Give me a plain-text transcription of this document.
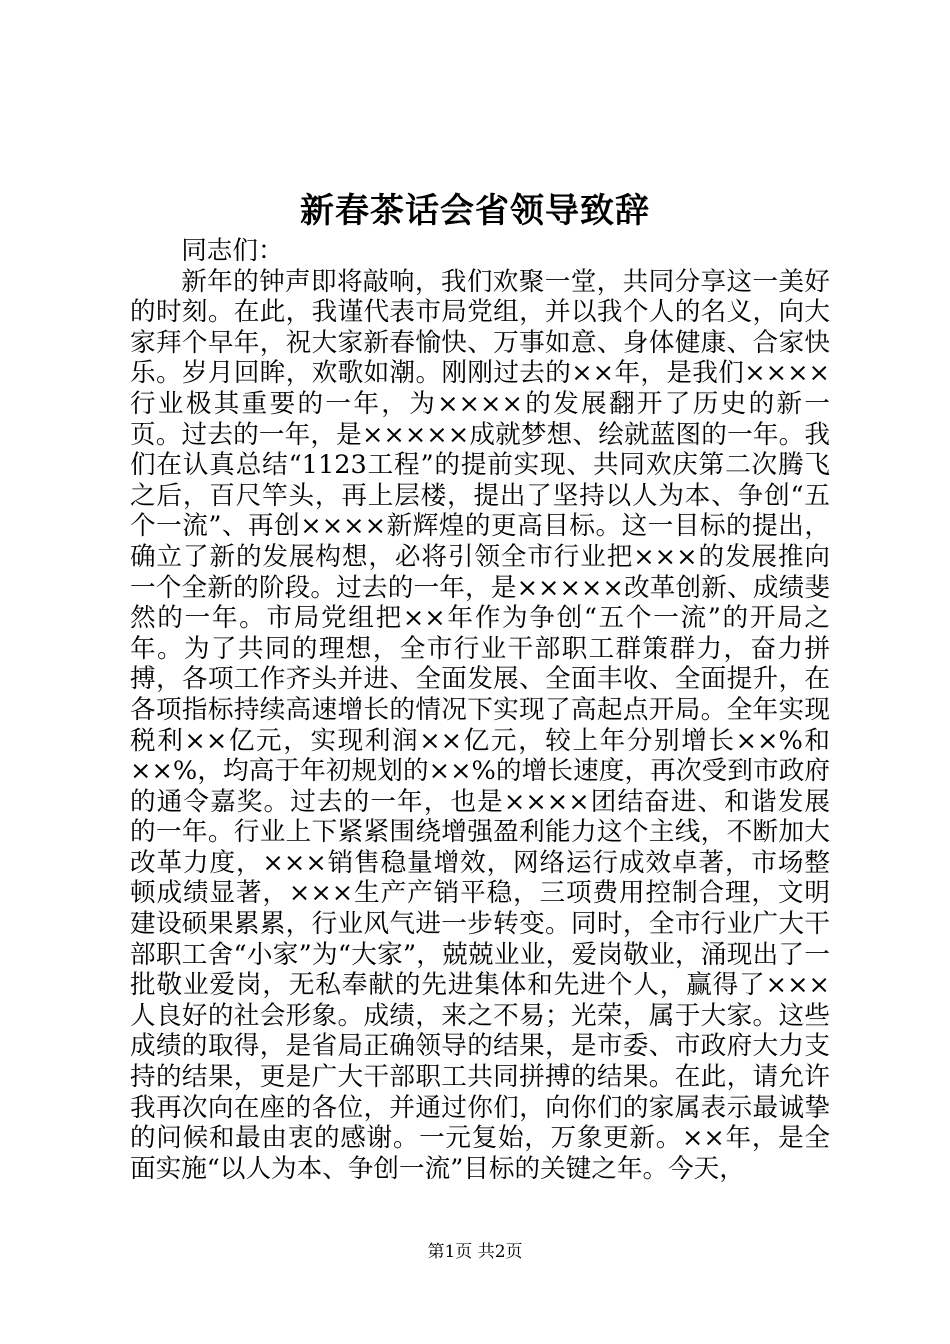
新春茶话会省领导致辞

同志们：

新年的钟声即将敲响，我们欢聚一堂，共同分享这一美好的时刻。在此，我谨代表市局党组，并以我个人的名义，向大家拜个早年，祝大家新春愉快、万事如意、身体健康、合家快乐。岁月回眸，欢歌如潮。刚刚过去的××年，是我们××××行业极其重要的一年，为××××的发展翻开了历史的新一页。过去的一年，是×××××成就梦想、绘就蓝图的一年。我们在认真总结“1123工程”的提前实现、共同欢庆第二次腾飞之后，百尺竿头，再上层楼，提出了坚持以人为本、争创“五个一流”、再创××××新辉煌的更高目标。这一目标的提出，确立了新的发展构想，必将引领全市行业把×××的发展推向一个全新的阶段。过去的一年，是×××××改革创新、成绩斐然的一年。市局党组把××年作为争创“五个一流”的开局之年。为了共同的理想，全市行业干部职工群策群力，奋力拼搏，各项工作齐头并进、全面发展、全面丰收、全面提升，在各项指标持续高速增长的情况下实现了高起点开局。全年实现税利××亿元，实现利润××亿元，较上年分别增长××%和××%，均高于年初规划的××%的增长速度，再次受到市政府的通令嘉奖。过去的一年，也是××××团结奋进、和谐发展的一年。行业上下紧紧围绕增强盈利能力这个主线，不断加大改革力度，×××销售稳量增效，网络运行成效卓著，市场整顿成绩显著，×××生产产销平稳，三项费用控制合理，文明建设硕果累累，行业风气进一步转变。同时，全市行业广大干部职工舍“小家”为“大家”，兢兢业业，爱岗敬业，涌现出了一批敬业爱岗，无私奉献的先进集体和先进个人，赢得了×××人良好的社会形象。成绩，来之不易；光荣，属于大家。这些成绩的取得，是省局正确领导的结果，是市委、市政府大力支持的结果，更是广大干部职工共同拼搏的结果。在此，请允许我再次向在座的各位，并通过你们，向你们的家属表示最诚挚的问候和最由衷的感谢。一元复始，万象更新。××年，是全面实施“以人为本、争创一流”目标的关键之年。今天，

第1页 共2页
